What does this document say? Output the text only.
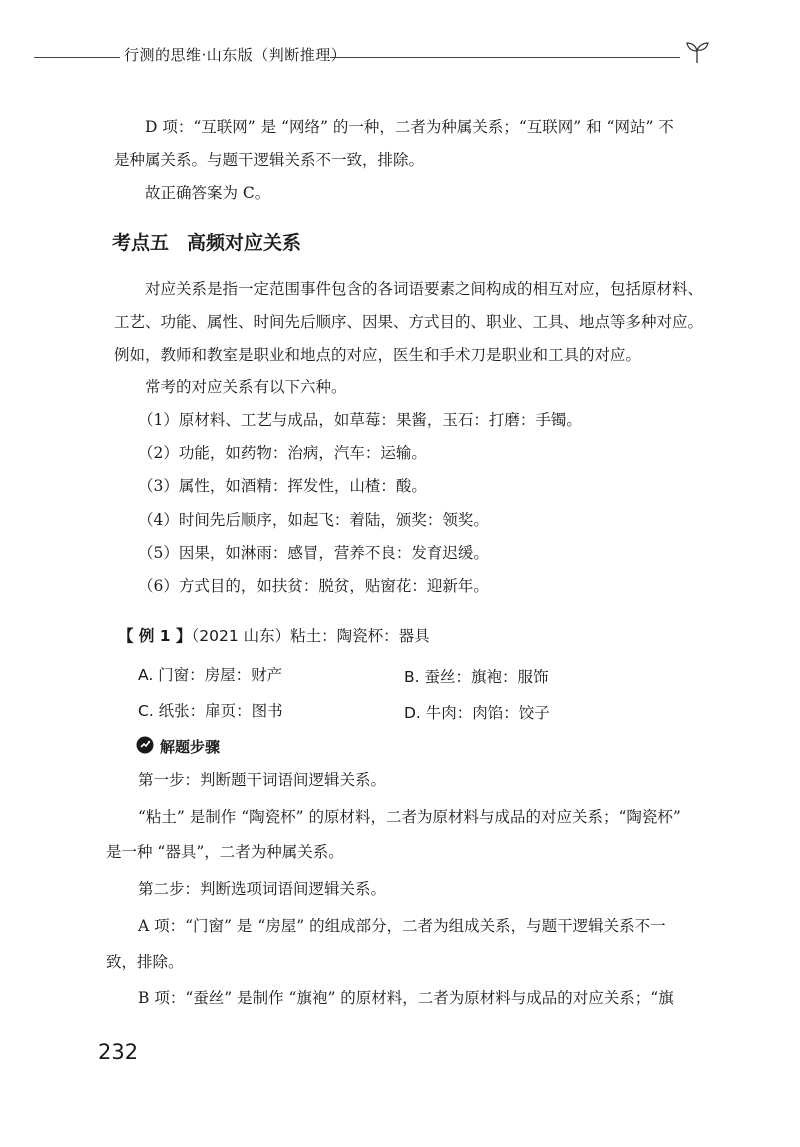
行测的思维·山东版（判断推理）
D 项：“互联网” 是 “网络” 的一种，二者为种属关系；“互联网” 和 “网站” 不
是种属关系。与题干逻辑关系不一致，排除。
故正确答案为 C。
考点五 高频对应关系
对应关系是指一定范围事件包含的各词语要素之间构成的相互对应，包括原材料、
工艺、功能、属性、时间先后顺序、因果、方式目的、职业、工具、地点等多种对应。
例如，教师和教室是职业和地点的对应，医生和手术刀是职业和工具的对应。
常考的对应关系有以下六种。
（1）原材料、工艺与成品，如草莓：果酱，玉石：打磨：手镯。
（2）功能，如药物：治病，汽车：运输。
（3）属性，如酒精：挥发性，山楂：酸。
（4）时间先后顺序，如起飞：着陆，颁奖：领奖。
（5）因果，如淋雨：感冒，营养不良：发育迟缓。
（6）方式目的，如扶贫：脱贫，贴窗花：迎新年。
【 例 1 】（2021 山东）粘土：陶瓷杯：器具
A. 门窗：房屋：财产	B. 蚕丝：旗袍：服饰
C. 纸张：扉页：图书	D. 牛肉：肉馅：饺子
解题步骤
第一步：判断题干词语间逻辑关系。
“粘土” 是制作 “陶瓷杯” 的原材料，二者为原材料与成品的对应关系；“陶瓷杯”
是一种 “器具”，二者为种属关系。
第二步：判断选项词语间逻辑关系。
A 项：“门窗” 是 “房屋” 的组成部分，二者为组成关系，与题干逻辑关系不一
致，排除。
B 项：“蚕丝” 是制作 “旗袍” 的原材料，二者为原材料与成品的对应关系；“旗
232
